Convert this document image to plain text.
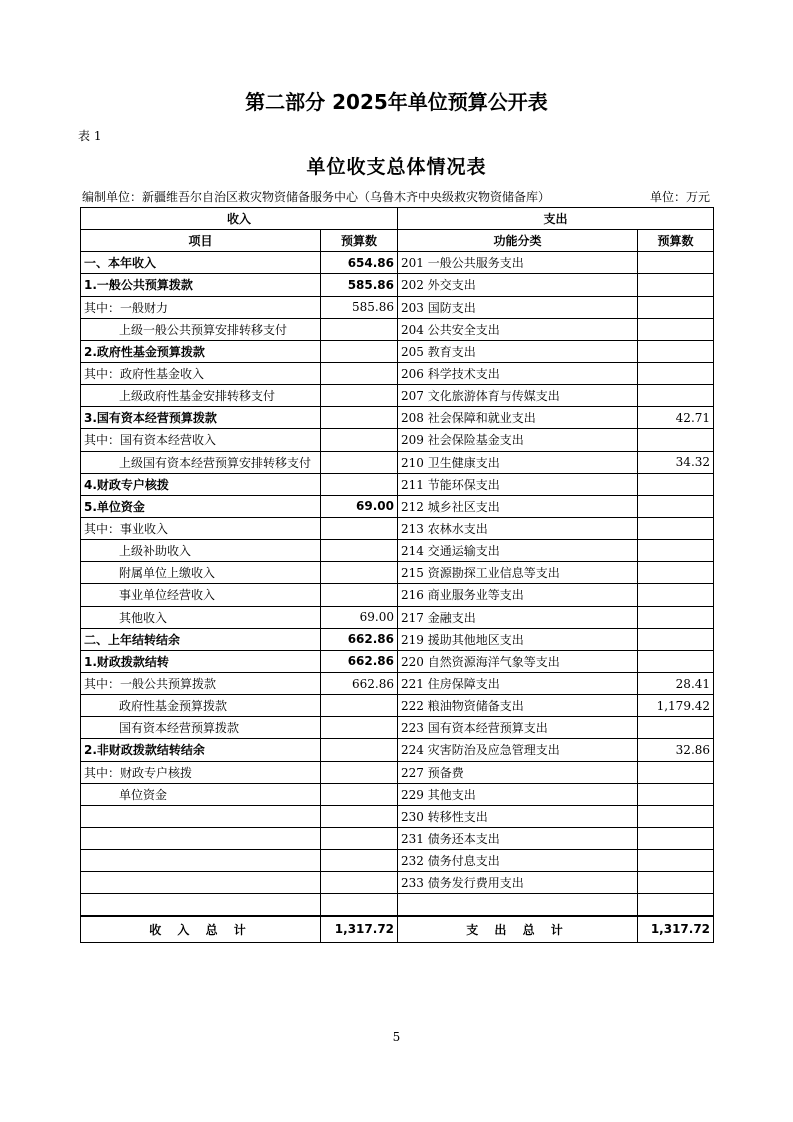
第二部分 2025年单位预算公开表
表 1
单位收支总体情况表
编制单位：新疆维吾尔自治区救灾物资储备服务中心（乌鲁木齐中央级救灾物资储备库）	单位：万元
收入		支出	
项目	预算数	功能分类	预算数
一、本年收入	654.86	201 一般公共服务支出	
1.一般公共预算拨款	585.86	202 外交支出	
其中：一般财力	585.86	203 国防支出	
上级一般公共预算安排转移支付		204 公共安全支出	
2.政府性基金预算拨款		205 教育支出	
其中：政府性基金收入		206 科学技术支出	
上级政府性基金安排转移支付		207 文化旅游体育与传媒支出	
3.国有资本经营预算拨款		208 社会保障和就业支出	42.71
其中：国有资本经营收入		209 社会保险基金支出	
上级国有资本经营预算安排转移支付		210 卫生健康支出	34.32
4.财政专户核拨		211 节能环保支出	
5.单位资金	69.00	212 城乡社区支出	
其中：事业收入		213 农林水支出	
上级补助收入		214 交通运输支出	
附属单位上缴收入		215 资源勘探工业信息等支出	
事业单位经营收入		216 商业服务业等支出	
其他收入	69.00	217 金融支出	
二、上年结转结余	662.86	219 援助其他地区支出	
1.财政拨款结转	662.86	220 自然资源海洋气象等支出	
其中：一般公共预算拨款	662.86	221 住房保障支出	28.41
政府性基金预算拨款		222 粮油物资储备支出	1,179.42
国有资本经营预算拨款		223 国有资本经营预算支出	
2.非财政拨款结转结余		224 灾害防治及应急管理支出	32.86
其中：财政专户核拨		227 预备费	
单位资金		229 其他支出	
		230 转移性支出	
		231 债务还本支出	
		232 债务付息支出	
		233 债务发行费用支出	

收 入 总 计	1,317.72	支 出 总 计	1,317.72
5
